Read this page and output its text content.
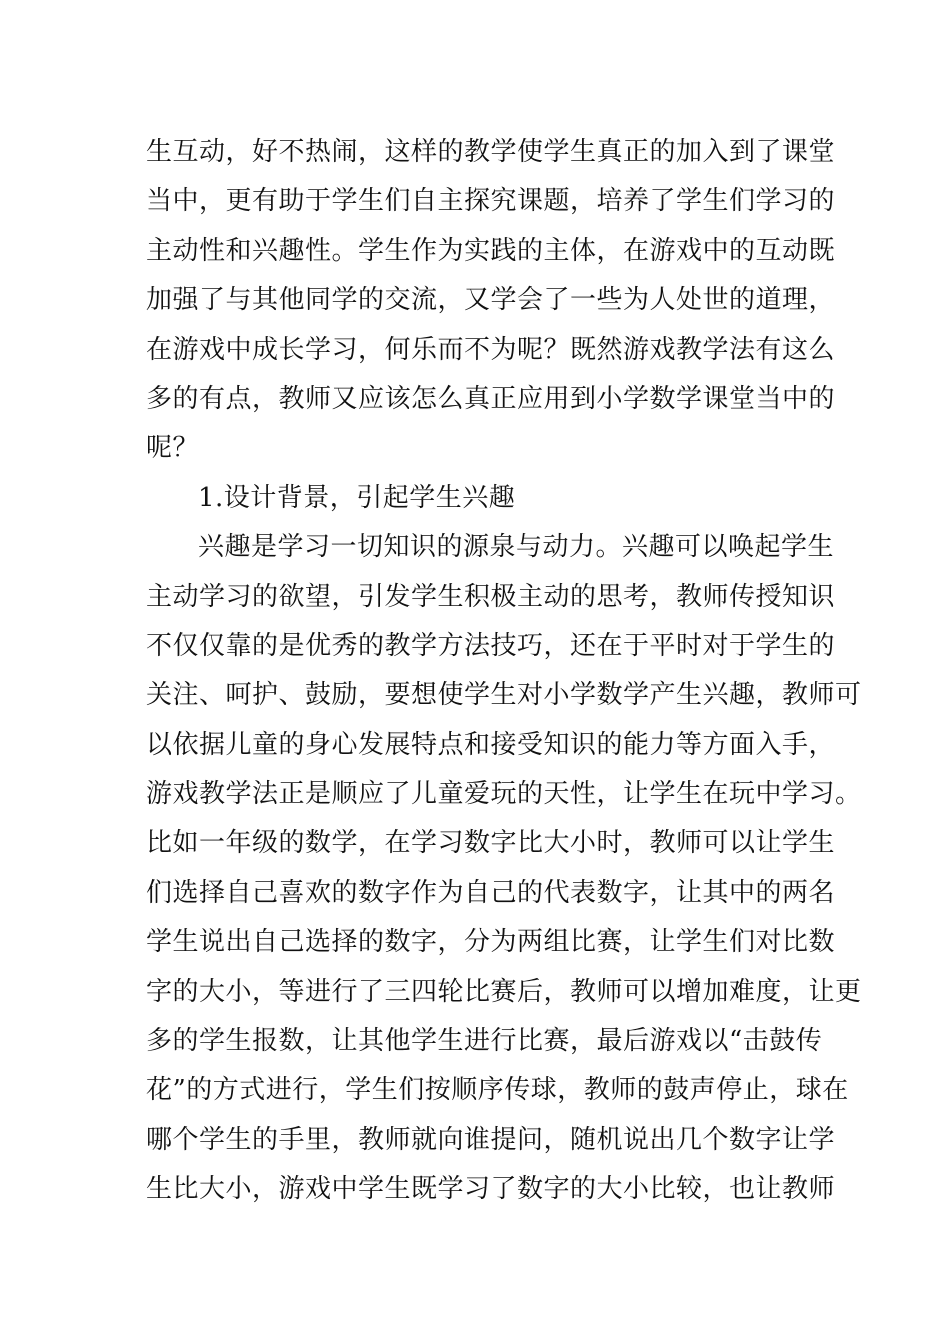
生互动，好不热闹，这样的教学使学生真正的加入到了课堂
当中，更有助于学生们自主探究课题，培养了学生们学习的
主动性和兴趣性。学生作为实践的主体，在游戏中的互动既
加强了与其他同学的交流，又学会了一些为人处世的道理，
在游戏中成长学习，何乐而不为呢？既然游戏教学法有这么
多的有点，教师又应该怎么真正应用到小学数学课堂当中的
呢？
1.设计背景，引起学生兴趣
兴趣是学习一切知识的源泉与动力。兴趣可以唤起学生
主动学习的欲望，引发学生积极主动的思考，教师传授知识
不仅仅靠的是优秀的教学方法技巧，还在于平时对于学生的
关注、呵护、鼓励，要想使学生对小学数学产生兴趣，教师可
以依据儿童的身心发展特点和接受知识的能力等方面入手，
游戏教学法正是顺应了儿童爱玩的天性，让学生在玩中学习。
比如一年级的数学，在学习数字比大小时，教师可以让学生
们选择自己喜欢的数字作为自己的代表数字，让其中的两名
学生说出自己选择的数字，分为两组比赛，让学生们对比数
字的大小，等进行了三四轮比赛后，教师可以增加难度，让更
多的学生报数，让其他学生进行比赛，最后游戏以“击鼓传
花”的方式进行，学生们按顺序传球，教师的鼓声停止，球在
哪个学生的手里，教师就向谁提问，随机说出几个数字让学
生比大小，游戏中学生既学习了数字的大小比较，也让教师
